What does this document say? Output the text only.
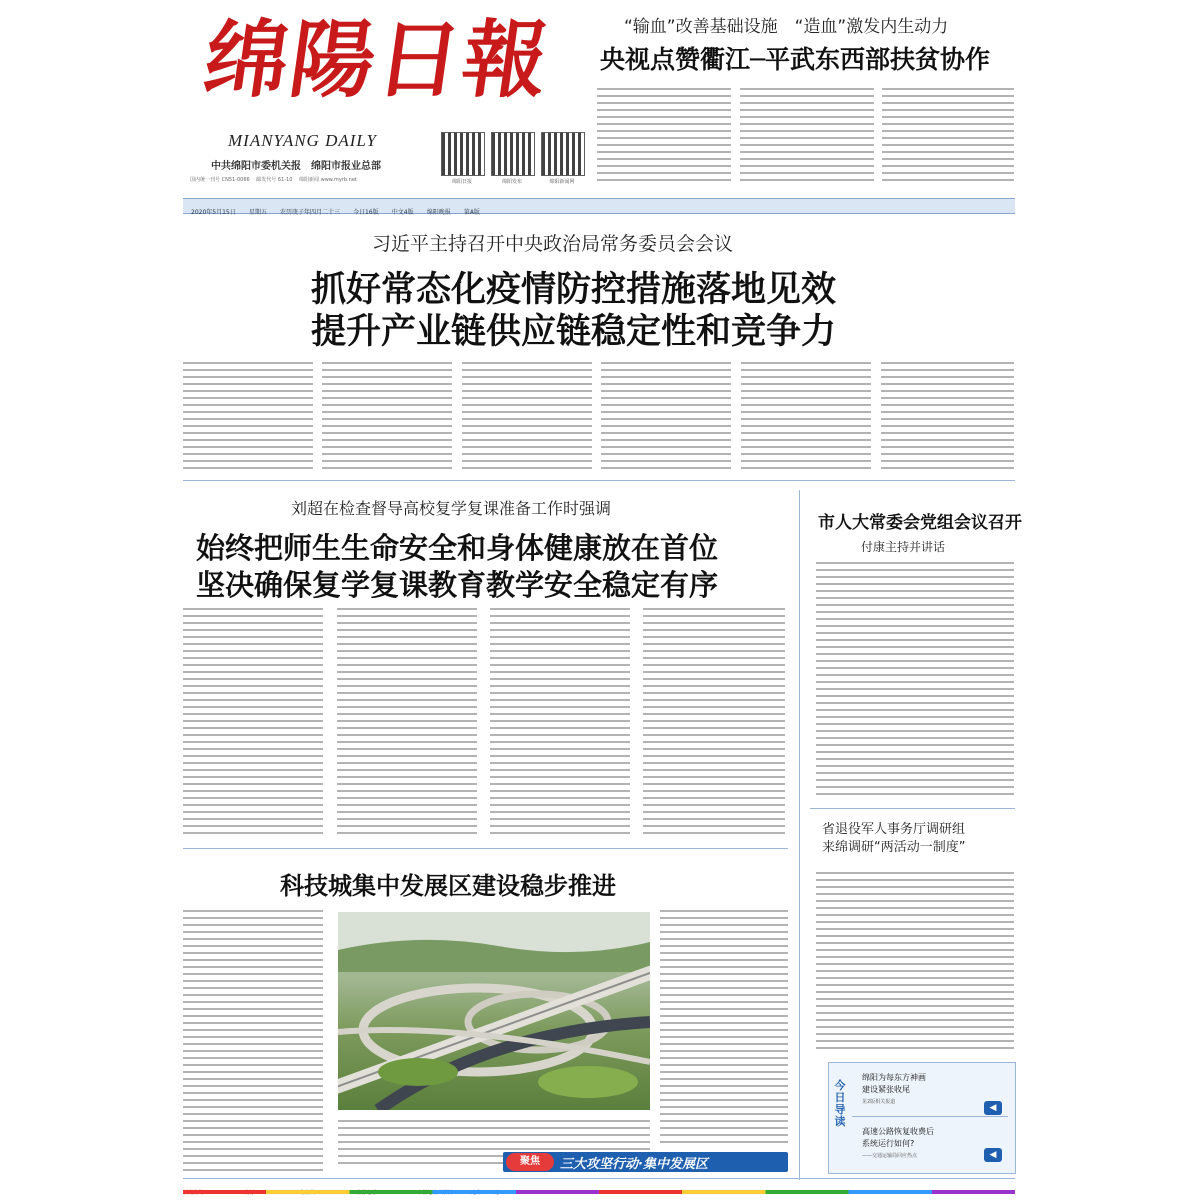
绵陽日報
MIANYANG DAILY
中共绵阳市委机关报　绵阳市报业总部
国内统一刊号 CN51-0066 　邮发代号 61-10 　绵阳新闻 www.myrb.net	绵阳日报	绵阳发布	绵阳新闻网
“输血”改善基础设施　“造血”激发内生动力
央视点赞衢江─平武东西部扶贫协作
2020年5月15日 星期五 农历庚子年四月二十三 今日16版 中文4版 绵阳晚报 第A版
习近平主持召开中央政治局常务委员会会议
抓好常态化疫情防控措施落地见效
提升产业链供应链稳定性和竞争力
刘超在检查督导高校复学复课准备工作时强调
始终把师生生命安全和身体健康放在首位
坚决确保复学复课教育教学安全稳定有序
市人大常委会党组会议召开
付康主持并讲话
省退役军人事务厅调研组
来绵调研“两活动一制度”
科技城集中发展区建设稳步推进
聚焦	三大攻坚行动·集中发展区
今日导读
绵阳为每东方神画
建设紧张收尾
见2版相关报道
◀
高速公路恢复收费后
系统运行如何?
——交通运输局回应热点	◀
